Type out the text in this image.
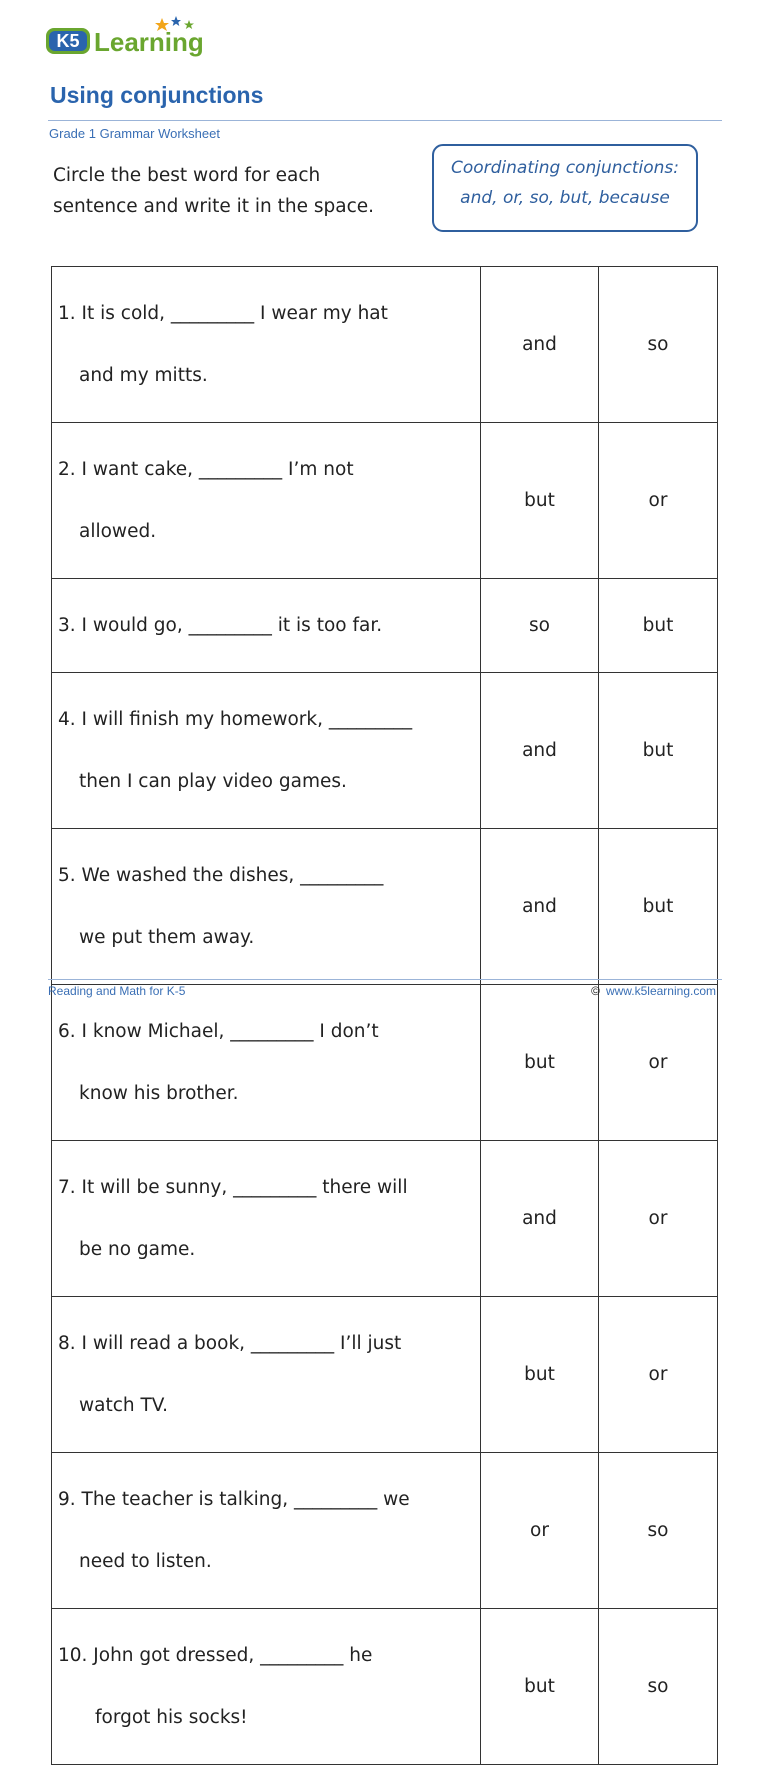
K5 Learning
Using conjunctions
Grade 1 Grammar Worksheet
Circle the best word for each
sentence and write it in the space.
Coordinating conjunctions:
and, or, so, but, because

1. It is cold, _________ I wear my hat

and my mitts.	and	so

2. I want cake, _________ I’m not

allowed.	but	or

3. I would go, _________ it is too far.	so	but

4. I will finish my homework, _________

then I can play video games.	and	but

5. We washed the dishes, _________

we put them away.	and	but

6. I know Michael, _________ I don’t

know his brother.	but	or

7. It will be sunny, _________ there will

be no game.	and	or

8. I will read a book, _________ I’ll just

watch TV.	but	or

9. The teacher is talking, _________ we

need to listen.	or	so

10. John got dressed, _________ he

forgot his socks!	but	so
Reading and Math for K-5	© www.k5learning.com
